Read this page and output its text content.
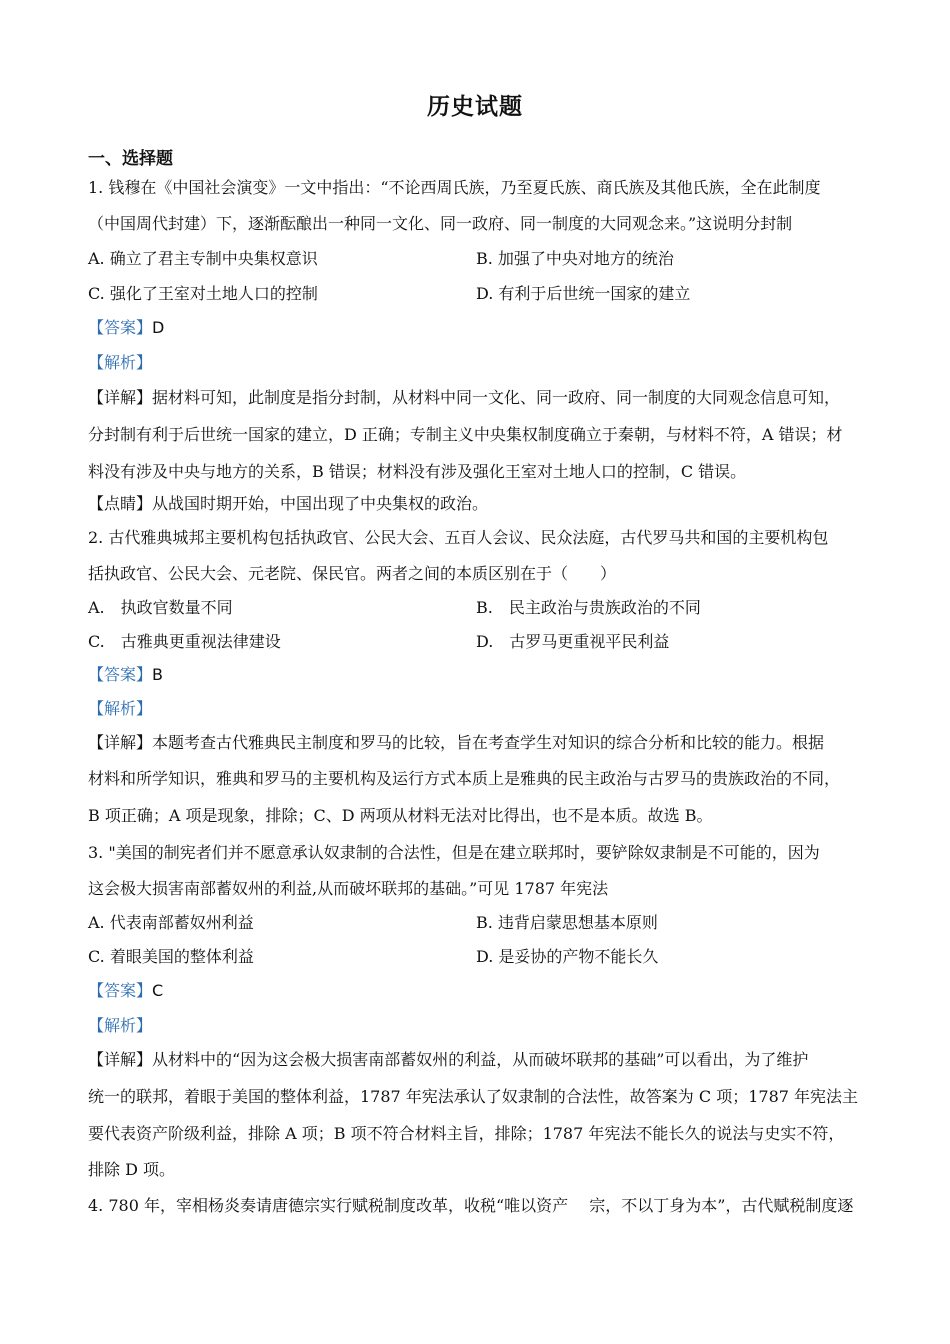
历史试题
一、选择题
1. 钱穆在《中国社会演变》一文中指出：“不论西周氏族，乃至夏氏族、商氏族及其他氏族，全在此制度
（中国周代封建）下，逐渐酝酿出一种同一文化、同一政府、同一制度的大同观念来。”这说明分封制
A. 确立了君主专制中央集权意识	B. 加强了中央对地方的统治
C. 强化了王室对土地人口的控制	D. 有利于后世统一国家的建立
【答案】D
【解析】
【详解】据材料可知，此制度是指分封制，从材料中同一文化、同一政府、同一制度的大同观念信息可知，
分封制有利于后世统一国家的建立，D 正确；专制主义中央集权制度确立于秦朝，与材料不符，A 错误；材
料没有涉及中央与地方的关系，B 错误；材料没有涉及强化王室对土地人口的控制，C 错误。
【点睛】从战国时期开始，中国出现了中央集权的政治。
2. 古代雅典城邦主要机构包括执政官、公民大会、五百人会议、民众法庭，古代罗马共和国的主要机构包
括执政官、公民大会、元老院、保民官。两者之间的本质区别在于（　　）
A.　执政官数量不同	B.　民主政治与贵族政治的不同
C.　古雅典更重视法律建设	D.　古罗马更重视平民利益
【答案】B
【解析】
【详解】本题考查古代雅典民主制度和罗马的比较，旨在考查学生对知识的综合分析和比较的能力。根据
材料和所学知识，雅典和罗马的主要机构及运行方式本质上是雅典的民主政治与古罗马的贵族政治的不同，
B 项正确；A 项是现象，排除；C、D 两项从材料无法对比得出，也不是本质。故选 B。
3. "美国的制宪者们并不愿意承认奴隶制的合法性，但是在建立联邦时，要铲除奴隶制是不可能的，因为
这会极大损害南部蓄奴州的利益,从而破坏联邦的基础。”可见 1787 年宪法
A. 代表南部蓄奴州利益	B. 违背启蒙思想基本原则
C. 着眼美国的整体利益	D. 是妥协的产物不能长久
【答案】C
【解析】
【详解】从材料中的“因为这会极大损害南部蓄奴州的利益，从而破坏联邦的基础”可以看出，为了维护
统一的联邦，着眼于美国的整体利益，1787 年宪法承认了奴隶制的合法性，故答案为 C 项；1787 年宪法主
要代表资产阶级利益，排除 A 项；B 项不符合材料主旨，排除；1787 年宪法不能长久的说法与史实不符，
排除 D 项。
4. 780 年，宰相杨炎奏请唐德宗实行赋税制度改革，收税“唯以资产　 宗，不以丁身为本”，古代赋税制度逐
